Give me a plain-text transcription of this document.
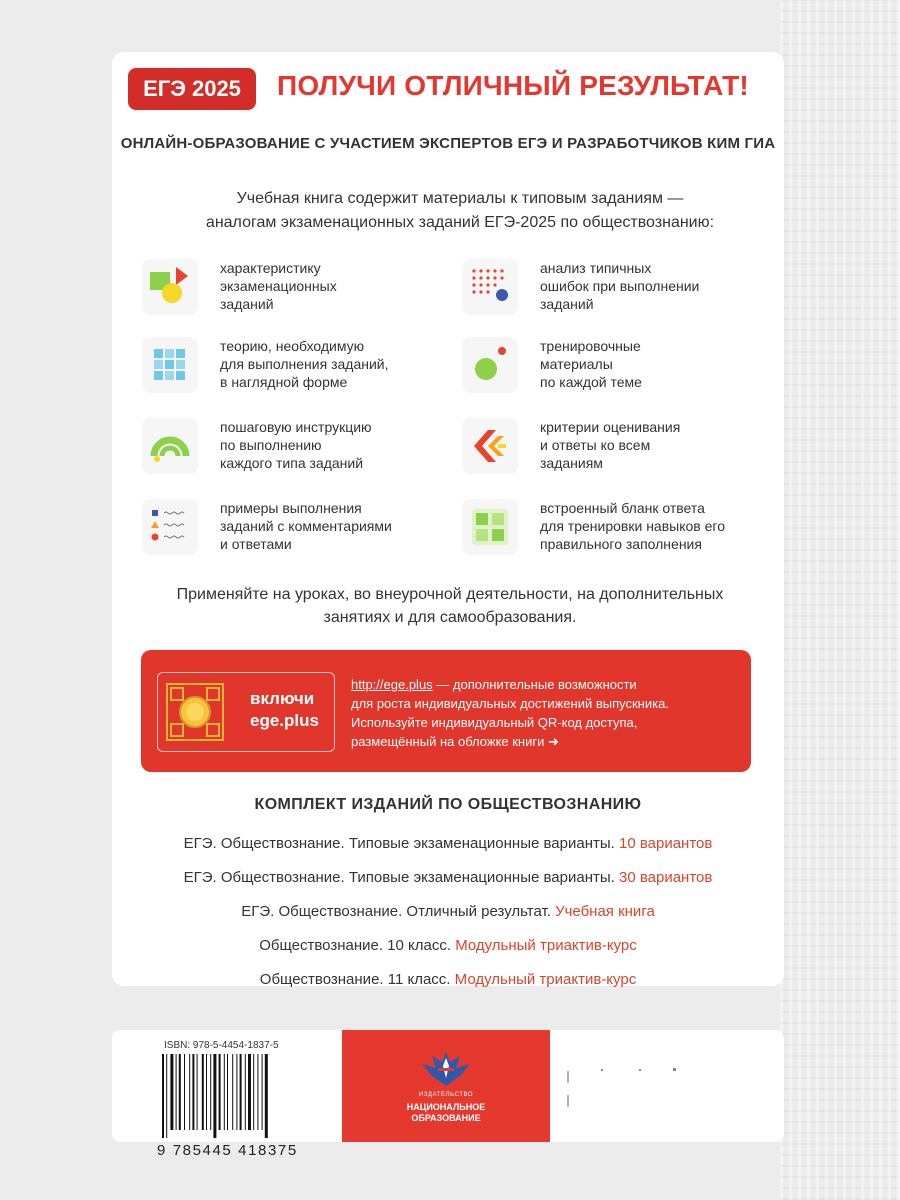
ЕГЭ 2025	ПОЛУЧИ ОТЛИЧНЫЙ РЕЗУЛЬТАТ!
ОНЛАЙН-ОБРАЗОВАНИЕ С УЧАСТИЕМ ЭКСПЕРТОВ ЕГЭ И РАЗРАБОТЧИКОВ КИМ ГИА
Учебная книга содержит материалы к типовым заданиям —
аналогам экзаменационных заданий ЕГЭ-2025 по обществознанию:
характеристику
экзаменационных
заданий
анализ типичных
ошибок при выполнении
заданий
теорию, необходимую
для выполнения заданий,
в наглядной форме
тренировочные
материалы
по каждой теме
пошаговую инструкцию
по выполнению
каждого типа заданий
критерии оценивания
и ответы ко всем
заданиям
примеры выполнения
заданий с комментариями
и ответами
встроенный бланк ответа
для тренировки навыков его
правильного заполнения
Применяйте на уроках, во внеурочной деятельности, на дополнительных
занятиях и для самообразования.
включи
ege.plus
http://ege.plus — дополнительные возможности
для роста индивидуальных достижений выпускника.
Используйте индивидуальный QR-код доступа,
размещённый на обложке книги ➜
КОМПЛЕКТ ИЗДАНИЙ ПО ОБЩЕСТВОЗНАНИЮ
ЕГЭ. Обществознание. Типовые экзаменационные варианты. 10 вариантов
ЕГЭ. Обществознание. Типовые экзаменационные варианты. 30 вариантов
ЕГЭ. Обществознание. Отличный результат. Учебная книга
Обществознание. 10 класс. Модульный триактив-курс
Обществознание. 11 класс. Модульный триактив-курс
ISBN: 978-5-4454-1837-5
9 785445 418375
ИЗДАТЕЛЬСТВО
НАЦИОНАЛЬНОЕ
ОБРАЗОВАНИЕ
